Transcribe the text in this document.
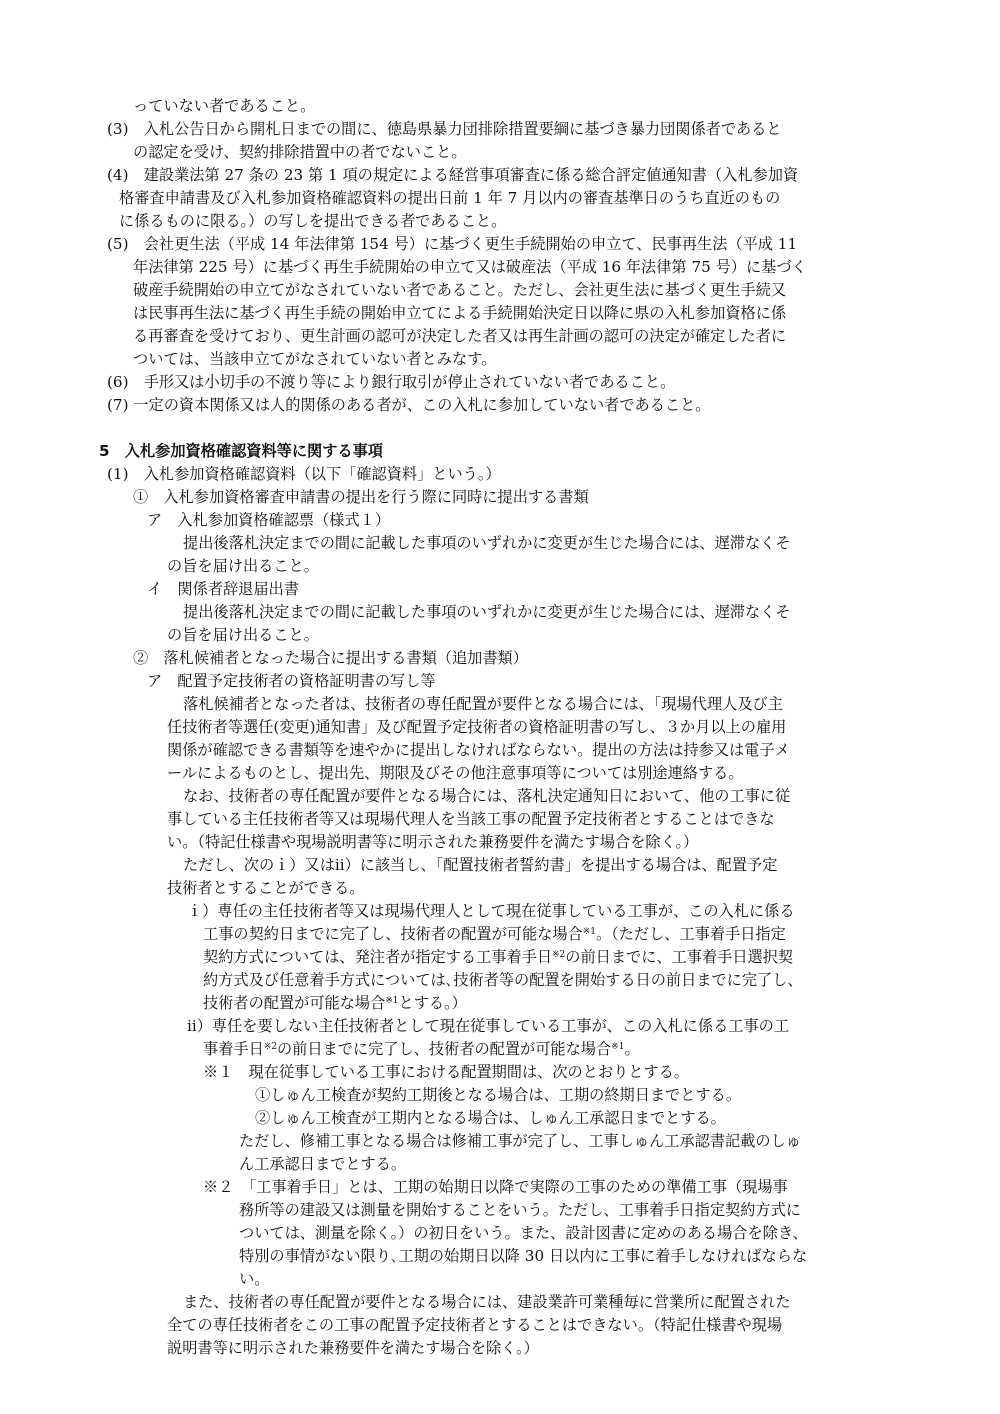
っていない者であること。
(3)　入札公告日から開札日までの間に、徳島県暴力団排除措置要綱に基づき暴力団関係者であると
の認定を受け、契約排除措置中の者でないこと。
(4)　建設業法第 27 条の 23 第 1 項の規定による経営事項審査に係る総合評定値通知書（入札参加資
格審査申請書及び入札参加資格確認資料の提出日前 1 年 7 月以内の審査基準日のうち直近のもの
に係るものに限る。）の写しを提出できる者であること。
(5)　会社更生法（平成 14 年法律第 154 号）に基づく更生手続開始の申立て、民事再生法（平成 11
年法律第 225 号）に基づく再生手続開始の申立て又は破産法（平成 16 年法律第 75 号）に基づく
破産手続開始の申立てがなされていない者であること。ただし、会社更生法に基づく更生手続又
は民事再生法に基づく再生手続の開始申立てによる手続開始決定日以降に県の入札参加資格に係
る再審査を受けており、更生計画の認可が決定した者又は再生計画の認可の決定が確定した者に
ついては、当該申立てがなされていない者とみなす。
(6)　手形又は小切手の不渡り等により銀行取引が停止されていない者であること。
(7) 一定の資本関係又は人的関係のある者が、この入札に参加していない者であること。
5　入札参加資格確認資料等に関する事項
(1)　入札参加資格確認資料（以下「確認資料」という。）
①　入札参加資格審査申請書の提出を行う際に同時に提出する書類
ア　入札参加資格確認票（様式１）
提出後落札決定までの間に記載した事項のいずれかに変更が生じた場合には、遅滞なくそ
の旨を届け出ること。
イ　関係者辞退届出書
提出後落札決定までの間に記載した事項のいずれかに変更が生じた場合には、遅滞なくそ
の旨を届け出ること。
②　落札候補者となった場合に提出する書類（追加書類）
ア　配置予定技術者の資格証明書の写し等
落札候補者となった者は、技術者の専任配置が要件となる場合には、「現場代理人及び主
任技術者等選任(変更)通知書」及び配置予定技術者の資格証明書の写し、３か月以上の雇用
関係が確認できる書類等を速やかに提出しなければならない。提出の方法は持参又は電子メ
ールによるものとし、提出先、期限及びその他注意事項等については別途連絡する。
なお、技術者の専任配置が要件となる場合には、落札決定通知日において、他の工事に従
事している主任技術者等又は現場代理人を当該工事の配置予定技術者とすることはできな
い。（特記仕様書や現場説明書等に明示された兼務要件を満たす場合を除く。）
ただし、次のｉ）又はⅱ）に該当し、「配置技術者誓約書」を提出する場合は、配置予定
技術者とすることができる。
ｉ）専任の主任技術者等又は現場代理人として現在従事している工事が、この入札に係る
工事の契約日までに完了し、技術者の配置が可能な場合$^{※1}$。（ただし、工事着手日指定
契約方式については、発注者が指定する工事着手日$^{※2}$の前日までに、工事着手日選択契
約方式及び任意着手方式については､技術者等の配置を開始する日の前日までに完了し、
技術者の配置が可能な場合$^{※1}$とする。）
ⅱ）専任を要しない主任技術者として現在従事している工事が、この入札に係る工事の工
事着手日$^{※2}$の前日までに完了し、技術者の配置が可能な場合$^{※1}$。
※１　現在従事している工事における配置期間は、次のとおりとする。
①しゅん工検査が契約工期後となる場合は、工期の終期日までとする。
②しゅん工検査が工期内となる場合は、しゅん工承認日までとする。
ただし、修補工事となる場合は修補工事が完了し、工事しゅん工承認書記載のしゅ
ん工承認日までとする。
※２　「工事着手日」とは、工期の始期日以降で実際の工事のための準備工事（現場事
務所等の建設又は測量を開始することをいう。ただし、工事着手日指定契約方式に
ついては、測量を除く。）の初日をいう。また、設計図書に定めのある場合を除き、
特別の事情がない限り､工期の始期日以降 30 日以内に工事に着手しなければならな
い。
また、技術者の専任配置が要件となる場合には、建設業許可業種毎に営業所に配置された
全ての専任技術者をこの工事の配置予定技術者とすることはできない。（特記仕様書や現場
説明書等に明示された兼務要件を満たす場合を除く。）
